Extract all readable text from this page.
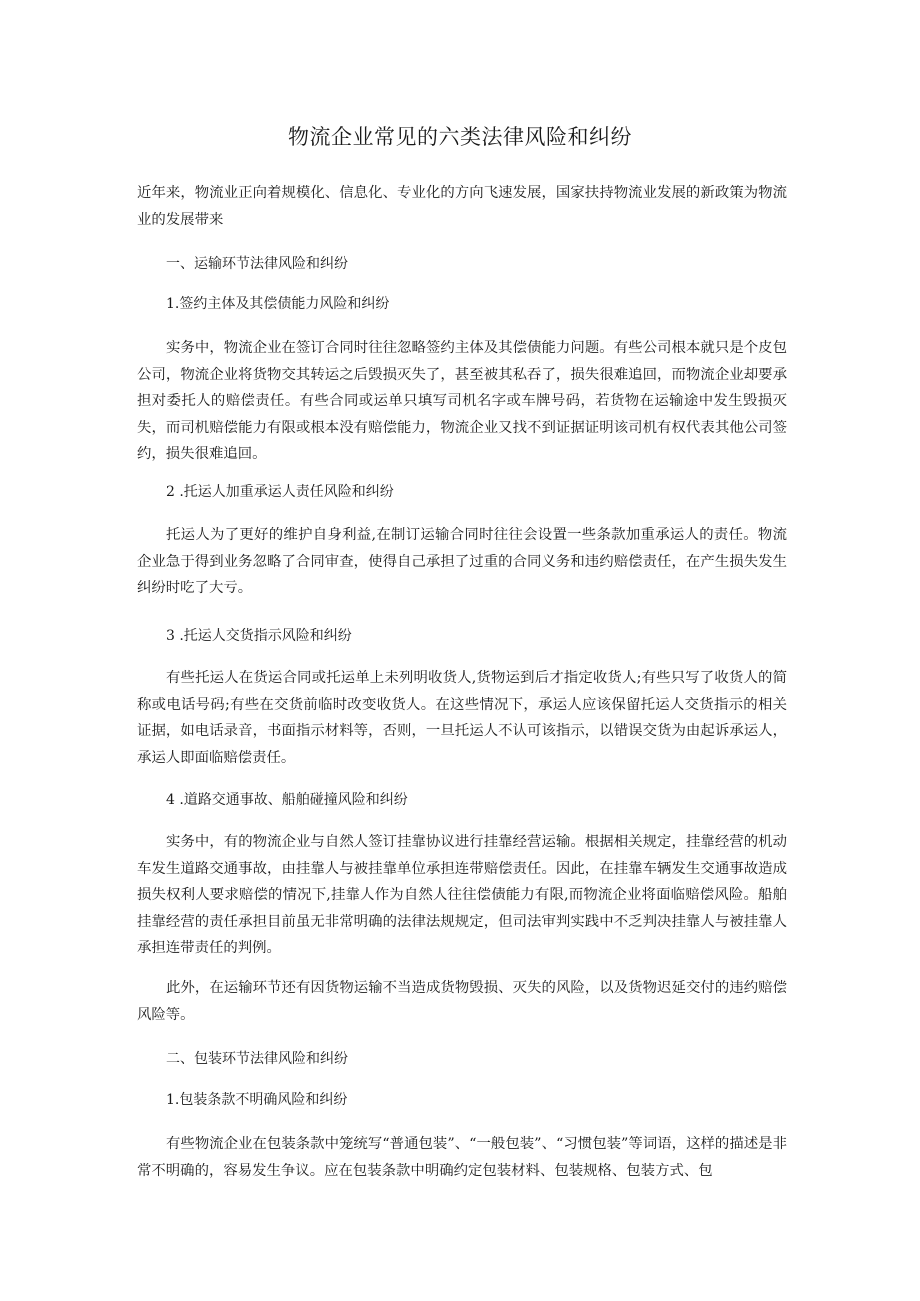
物流企业常见的六类法律风险和纠纷
近年来，物流业正向着规模化、信息化、专业化的方向飞速发展，国家扶持物流业发展的新政策为物流业的发展带来
一、运输环节法律风险和纠纷
1.签约主体及其偿债能力风险和纠纷
实务中，物流企业在签订合同时往往忽略签约主体及其偿债能力问题。有些公司根本就只是个皮包公司，物流企业将货物交其转运之后毁损灭失了，甚至被其私吞了，损失很难追回，而物流企业却要承担对委托人的赔偿责任。有些合同或运单只填写司机名字或车牌号码，若货物在运输途中发生毁损灭失，而司机赔偿能力有限或根本没有赔偿能力，物流企业又找不到证据证明该司机有权代表其他公司签约，损失很难追回。
2 .托运人加重承运人责任风险和纠纷
托运人为了更好的维护自身利益,在制订运输合同时往往会设置一些条款加重承运人的责任。物流企业急于得到业务忽略了合同审查，使得自己承担了过重的合同义务和违约赔偿责任，在产生损失发生纠纷时吃了大亏。
3 .托运人交货指示风险和纠纷
有些托运人在货运合同或托运单上未列明收货人,货物运到后才指定收货人;有些只写了收货人的简称或电话号码;有些在交货前临时改变收货人。在这些情况下，承运人应该保留托运人交货指示的相关证据，如电话录音，书面指示材料等，否则，一旦托运人不认可该指示，以错误交货为由起诉承运人，承运人即面临赔偿责任。
4 .道路交通事故、船舶碰撞风险和纠纷
实务中，有的物流企业与自然人签订挂靠协议进行挂靠经营运输。根据相关规定，挂靠经营的机动车发生道路交通事故，由挂靠人与被挂靠单位承担连带赔偿责任。因此，在挂靠车辆发生交通事故造成损失权利人要求赔偿的情况下,挂靠人作为自然人往往偿债能力有限,而物流企业将面临赔偿风险。船舶挂靠经营的责任承担目前虽无非常明确的法律法规规定，但司法审判实践中不乏判决挂靠人与被挂靠人承担连带责任的判例。
此外，在运输环节还有因货物运输不当造成货物毁损、灭失的风险，以及货物迟延交付的违约赔偿风险等。
二、包装环节法律风险和纠纷
1.包装条款不明确风险和纠纷
有些物流企业在包装条款中笼统写“普通包装”、“一般包装”、“习惯包装”等词语，这样的描述是非常不明确的，容易发生争议。应在包装条款中明确约定包装材料、包装规格、包装方式、包
